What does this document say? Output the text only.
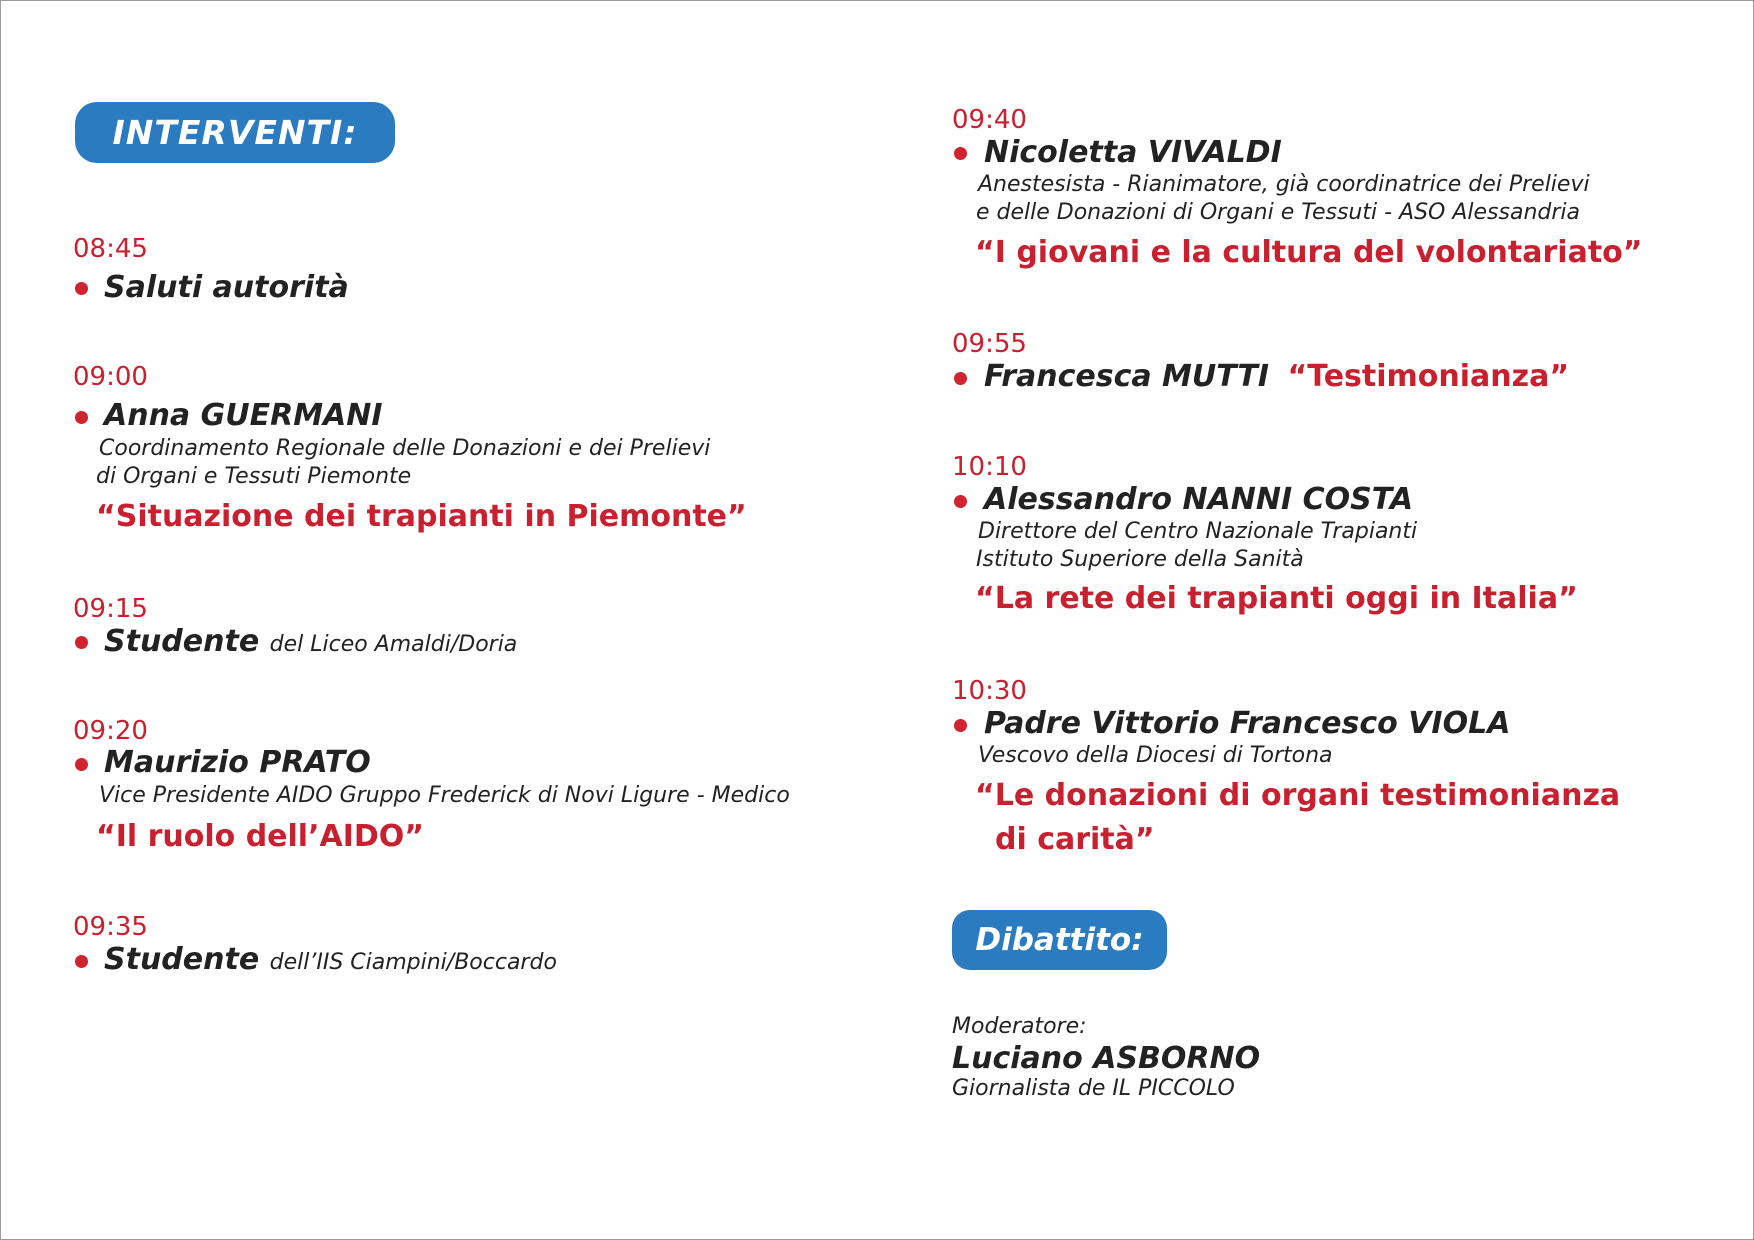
INTERVENTI:
08:45
Saluti autorità
09:00
Anna GUERMANI
Coordinamento Regionale delle Donazioni e dei Prelievi
di Organi e Tessuti Piemonte
“Situazione dei trapianti in Piemonte”
09:15
Studente del Liceo Amaldi/Doria
09:20
Maurizio PRATO
Vice Presidente AIDO Gruppo Frederick di Novi Ligure - Medico
“Il ruolo dell’AIDO”
09:35
Studente dell’IIS Ciampini/Boccardo
09:40
Nicoletta VIVALDI
Anestesista - Rianimatore, già coordinatrice dei Prelievi
e delle Donazioni di Organi e Tessuti - ASO Alessandria
“I giovani e la cultura del volontariato”
09:55
Francesca MUTTI “Testimonianza”
10:10
Alessandro NANNI COSTA
Direttore del Centro Nazionale Trapianti
Istituto Superiore della Sanità
“La rete dei trapianti oggi in Italia”
10:30
Padre Vittorio Francesco VIOLA
Vescovo della Diocesi di Tortona
“Le donazioni di organi testimonianza
di carità”
Dibattito:
Moderatore:
Luciano ASBORNO
Giornalista de IL PICCOLO
